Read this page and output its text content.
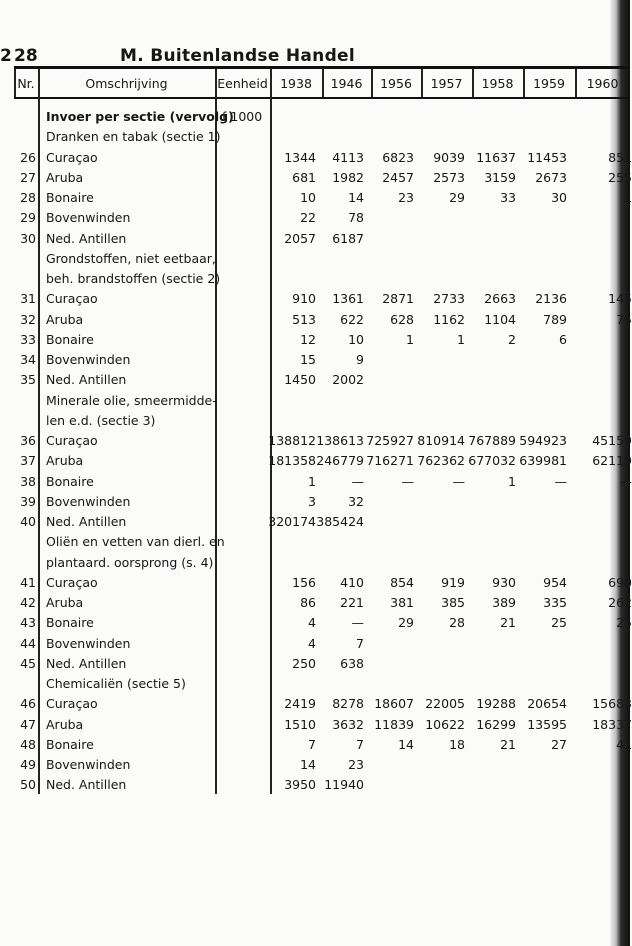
2 28	M. Buitenlandse Handel
Nr.	Omschrijving	Eenheid 1938	1946	1956	1957	1958	1959	1960
Invoer per sectie (vervolg)
f 1000
Dranken en tabak (sectie 1)
26 Curaçao	1344 4113 6823 9039 11637 11453	851
27 Aruba	681 1982 2457 2573 3159 2673	255
28 Bonaire	10	14	23	29	33	30	1
29 Bovenwinden	22	78
30 Ned. Antillen	2057 6187
Grondstoffen, niet eetbaar,
beh. brandstoffen (sectie 2)
31 Curaçao	910 1361 2871 2733 2663 2136	145
32 Aruba	513 622 628 1162 1104 789	75
33 Bonaire	12	10	1	1	2	6
34 Bovenwinden	15	9
35 Ned. Antillen	1450 2002
Minerale olie, smeermidde-
len e.d. (sectie 3)
36 Curaçao	138812 138613 725927 810914 767889 594923 45159
37 Aruba	181358 246779 716271 762362 677032 639981 62119
38 Bonaire	1	—	—	—	1	—	—
39 Bovenwinden	3	32
40 Ned. Antillen	320174 385424
Oliën en vetten van dierl. en
plantaard. oorsprong (s. 4)
41 Curaçao	156 410 854 919 930 954	690
42 Aruba	86 221 381 385 389 335	262
43 Bonaire	4	—	29	28	21	25	25
44 Bovenwinden	4	7
45 Ned. Antillen	250 638
Chemicaliën (sectie 5)
46 Curaçao	2419 8278 18607 22005 19288 20654 15683
47 Aruba	1510 3632 11839 10622 16299 13595 18337
48 Bonaire	7	7	14	18	21	27	41
49 Bovenwinden	14	23
50 Ned. Antillen	3950 11940
